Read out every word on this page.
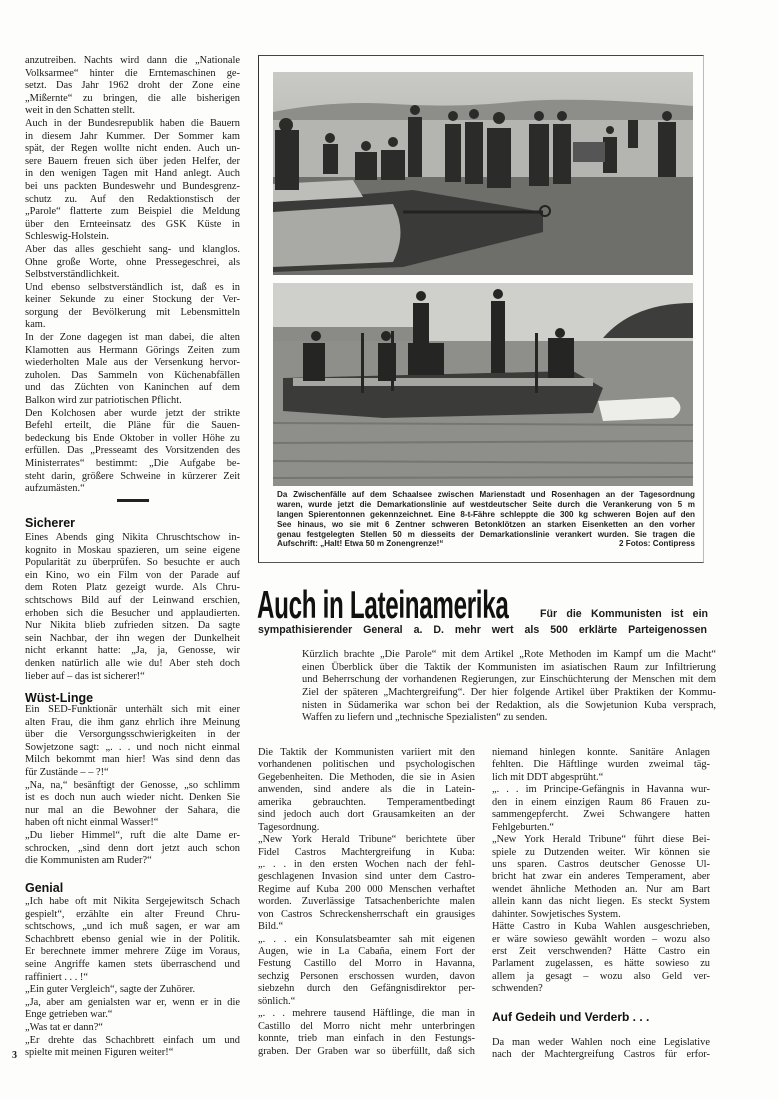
anzutreiben. Nachts wird dann die „Nationale
Volksarmee“ hinter die Erntemaschinen ge-
setzt. Das Jahr 1962 droht der Zone eine
„Mißernte“ zu bringen, die alle bisherigen
weit in den Schatten stellt.
Auch in der Bundesrepublik haben die Bauern
in diesem Jahr Kummer. Der Sommer kam
spät, der Regen wollte nicht enden. Auch un-
sere Bauern freuen sich über jeden Helfer, der
in den wenigen Tagen mit Hand anlegt. Auch
bei uns packten Bundeswehr und Bundesgrenz-
schutz zu. Auf den Redaktionstisch der
„Parole“ flatterte zum Beispiel die Meldung
über den Ernteeinsatz des GSK Küste in
Schleswig-Holstein.
Aber das alles geschieht sang- und klanglos.
Ohne große Worte, ohne Pressegeschrei, als
Selbstverständlichkeit.
Und ebenso selbstverständlich ist, daß es in
keiner Sekunde zu einer Stockung der Ver-
sorgung der Bevölkerung mit Lebensmitteln
kam.
In der Zone dagegen ist man dabei, die alten
Klamotten aus Hermann Görings Zeiten zum
wiederholten Male aus der Versenkung hervor-
zuholen. Das Sammeln von Küchenabfällen
und das Züchten von Kaninchen auf dem
Balkon wird zur patriotischen Pflicht.
Den Kolchosen aber wurde jetzt der strikte
Befehl erteilt, die Pläne für die Sauen-
bedeckung bis Ende Oktober in voller Höhe zu
erfüllen. Das „Presseamt des Vorsitzenden des
Ministerrates“ bestimmt: „Die Aufgabe be-
steht darin, größere Schweine in kürzerer Zeit
aufzumästen.“
Sicherer
Eines Abends ging Nikita Chruschtschow in-
kognito in Moskau spazieren, um seine eigene
Popularität zu überprüfen. So besuchte er auch
ein Kino, wo ein Film von der Parade auf
dem Roten Platz gezeigt wurde. Als Chru-
schtschows Bild auf der Leinwand erschien,
erhoben sich die Besucher und applaudierten.
Nur Nikita blieb zufrieden sitzen. Da sagte
sein Nachbar, der ihn wegen der Dunkelheit
nicht erkannt hatte: „Ja, ja, Genosse, wir
denken natürlich alle wie du! Aber steh doch
lieber auf – das ist sicherer!“
Wüst-Linge
Ein SED-Funktionär unterhält sich mit einer
alten Frau, die ihm ganz ehrlich ihre Meinung
über die Versorgungsschwierigkeiten in der
Sowjetzone sagt: „. . . und noch nicht einmal
Milch bekommt man hier! Was sind denn das
für Zustände – – ?!“
„Na, na,“ besänftigt der Genosse, „so schlimm
ist es doch nun auch wieder nicht. Denken Sie
nur mal an die Bewohner der Sahara, die
haben oft nicht einmal Wasser!“
„Du lieber Himmel“, ruft die alte Dame er-
schrocken, „sind denn dort jetzt auch schon
die Kommunisten am Ruder?“
Genial
„Ich habe oft mit Nikita Sergejewitsch Schach
gespielt“, erzählte ein alter Freund Chru-
schtschows, „und ich muß sagen, er war am
Schachbrett ebenso genial wie in der Politik.
Er berechnete immer mehrere Züge im Voraus,
seine Angriffe kamen stets überraschend und
raffiniert . . . !“
„Ein guter Vergleich“, sagte der Zuhörer.
„Ja, aber am genialsten war er, wenn er in die
Enge getrieben war.“
„Was tat er dann?“
„Er drehte das Schachbrett einfach um und
spielte mit meinen Figuren weiter!“
3
Da Zwischenfälle auf dem Schaalsee zwischen Marienstadt und Rosenhagen an der Tagesordnung
waren, wurde jetzt die Demarkationslinie auf westdeutscher Seite durch die Verankerung von 5 m
langen Spierentonnen gekennzeichnet. Eine 8-t-Fähre schleppte die 300 kg schweren Bojen auf den
See hinaus, wo sie mit 6 Zentner schweren Betonklötzen an starken Eisenketten an den vorher
genau festgelegten Stellen 50 m diesseits der Demarkationslinie verankert wurden. Sie tragen die
Aufschrift: „Halt! Etwa 50 m Zonengrenze!“	2 Fotos: Contipress
Auch in Lateinamerika	Für die Kommunisten ist ein
sympathisierender General a. D. mehr wert als 500 erklärte Parteigenossen
Kürzlich brachte „Die Parole“ mit dem Artikel „Rote Methoden im Kampf um die Macht“
einen Überblick über die Taktik der Kommunisten im asiatischen Raum zur Infiltrierung
und Beherrschung der vorhandenen Regierungen, zur Einschüchterung der Menschen mit dem
Ziel der späteren „Machtergreifung“. Der hier folgende Artikel über Praktiken der Kommu-
nisten in Südamerika war schon bei der Redaktion, als die Sowjetunion Kuba versprach,
Waffen zu liefern und „technische Spezialisten“ zu senden.
Die Taktik der Kommunisten variiert mit den
vorhandenen politischen und psychologischen
Gegebenheiten. Die Methoden, die sie in Asien
anwenden, sind andere als die in Latein-
amerika gebrauchten. Temperamentbedingt
sind jedoch auch dort Grausamkeiten an der
Tagesordnung.
„New York Herald Tribune“ berichtete über
Fidel Castros Machtergreifung in Kuba:
„. . . in den ersten Wochen nach der fehl-
geschlagenen Invasion sind unter dem Castro-
Regime auf Kuba 200 000 Menschen verhaftet
worden. Zuverlässige Tatsachenberichte malen
von Castros Schreckensherrschaft ein grausiges
Bild.“
„. . . ein Konsulatsbeamter sah mit eigenen
Augen, wie in La Cabaña, einem Fort der
Festung Castillo del Morro in Havanna,
sechzig Personen erschossen wurden, davon
siebzehn durch den Gefängnisdirektor per-
sönlich.“
„. . . mehrere tausend Häftlinge, die man in
Castillo del Morro nicht mehr unterbringen
konnte, trieb man einfach in den Festungs-
graben. Der Graben war so überfüllt, daß sich
niemand hinlegen konnte. Sanitäre Anlagen
fehlten. Die Häftlinge wurden zweimal täg-
lich mit DDT abgesprüht.“
„. . . im Principe-Gefängnis in Havanna wur-
den in einem einzigen Raum 86 Frauen zu-
sammengepfercht. Zwei Schwangere hatten
Fehlgeburten.“
„New York Herald Tribune“ führt diese Bei-
spiele zu Dutzenden weiter. Wir können sie
uns sparen. Castros deutscher Genosse Ul-
bricht hat zwar ein anderes Temperament, aber
wendet ähnliche Methoden an. Nur am Bart
allein kann das nicht liegen. Es steckt System
dahinter. Sowjetisches System.
Hätte Castro in Kuba Wahlen ausgeschrieben,
er wäre sowieso gewählt worden – wozu also
erst Zeit verschwenden? Hätte Castro ein
Parlament zugelassen, es hätte sowieso zu
allem ja gesagt – wozu also Geld ver-
schwenden?
Auf Gedeih und Verderb . . .
Da man weder Wahlen noch eine Legislative
nach der Machtergreifung Castros für erfor-
